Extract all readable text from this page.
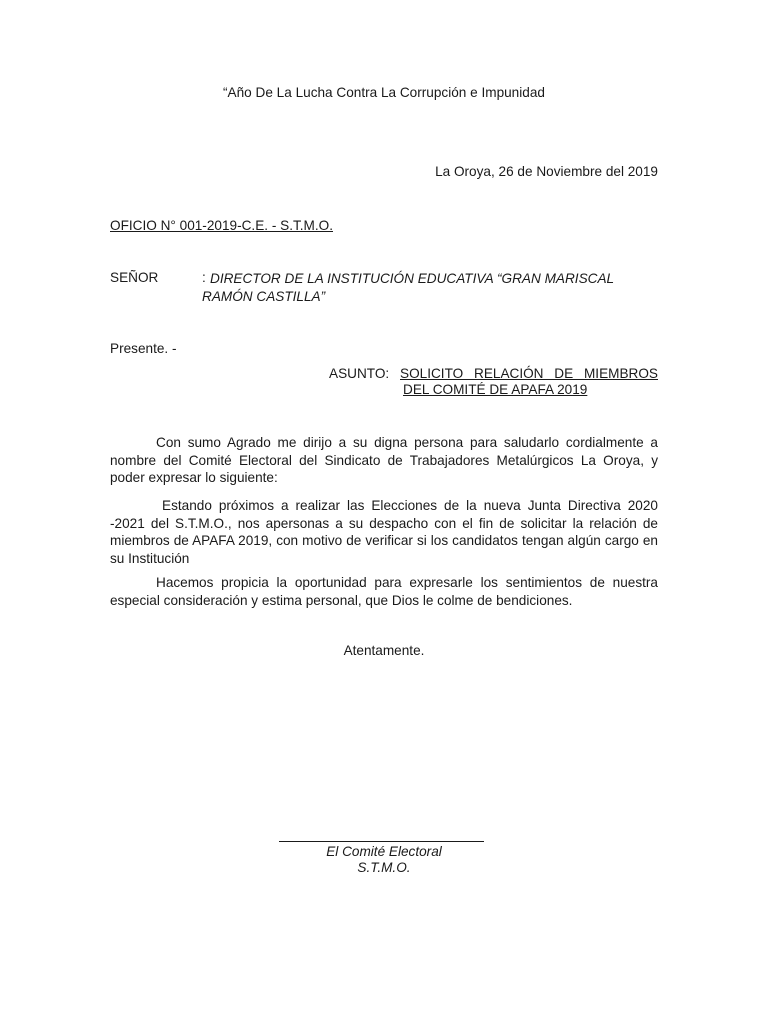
“Año De La Lucha Contra La Corrupción e Impunidad
La Oroya, 26 de Noviembre del 2019
OFICIO N° 001-2019-C.E. - S.T.M.O.
SEÑOR	: DIRECTOR DE LA INSTITUCIÓN EDUCATIVA “GRAN MARISCAL RAMÓN CASTILLA”
Presente. -
ASUNTO: SOLICITO RELACIÓN DE MIEMBROS
DEL COMITÉ DE APAFA 2019
Con sumo Agrado me dirijo a su digna persona para saludarlo cordialmente a nombre del Comité Electoral del Sindicato de Trabajadores Metalúrgicos La Oroya, y poder expresar lo siguiente:
Estando próximos a realizar las Elecciones de la nueva Junta Directiva 2020 -2021 del S.T.M.O., nos apersonas a su despacho con el fin de solicitar la relación de miembros de APAFA 2019, con motivo de verificar si los candidatos tengan algún cargo en su Institución
Hacemos propicia la oportunidad para expresarle los sentimientos de nuestra especial consideración y estima personal, que Dios le colme de bendiciones.
Atentamente.
El Comité Electoral
S.T.M.O.
